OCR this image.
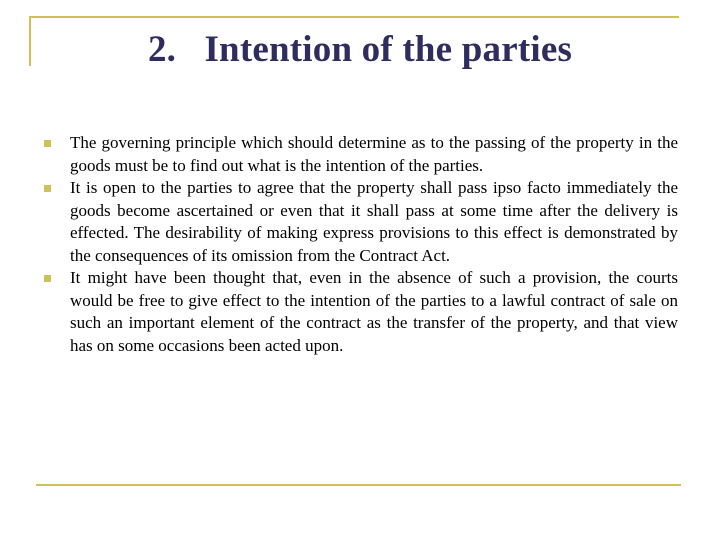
2.   Intention of the parties
The governing principle which should determine as to the passing of the property in the goods must be to find out what is the intention of the parties.
It is open to the parties to agree that the property shall pass ipso facto immediately the goods become ascertained or even that it shall pass at some time after the delivery is effected. The desirability of making express provisions to this effect is demonstrated by the consequences of its omission from the Contract Act.
It might have been thought that, even in the absence of such a provision, the courts would be free to give effect to the intention of the parties to a lawful contract of sale on such an important element of the contract as the transfer of the property, and that view has on some occasions been acted upon.
